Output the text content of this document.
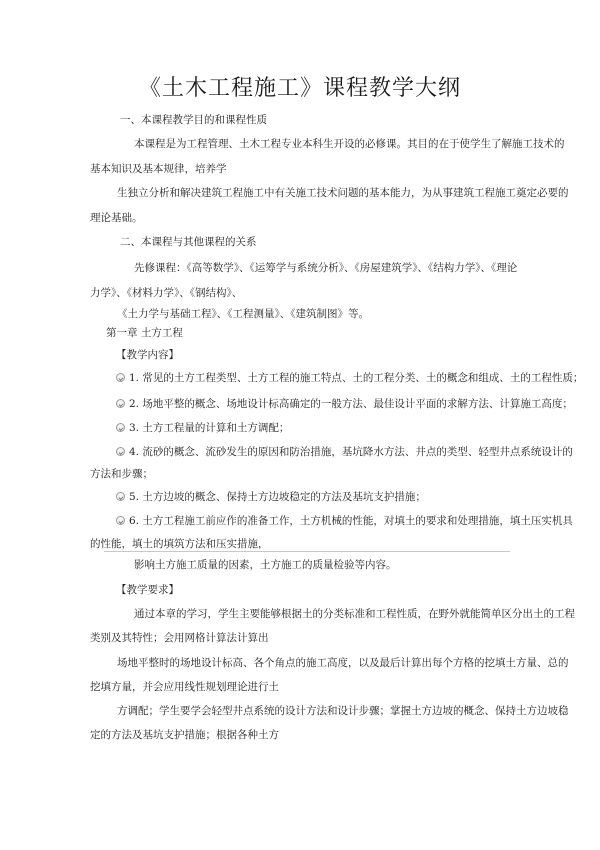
《土木工程施工》课程教学大纲
一、本课程教学目的和课程性质
本课程是为工程管理、土木工程专业本科生开设的必修课。其目的在于使学生了解施工技术的
基本知识及基本规律，培养学
生独立分析和解决建筑工程施工中有关施工技术问题的基本能力，为从事建筑工程施工奠定必要的
理论基础。
二、本课程与其他课程的关系
先修课程：《高等数学》、《运筹学与系统分析》、《房屋建筑学》、《结构力学》、《理论
力学》、《材料力学》、《钢结构》、
《土力学与基础工程》、《工程测量》、《建筑制图》等。
第一章 土方工程
【教学内容】
1. 常见的土方工程类型、土方工程的施工特点、土的工程分类、土的概念和组成、土的工程性质；
2. 场地平整的概念、场地设计标高确定的一般方法、最佳设计平面的求解方法、计算施工高度；
3. 土方工程量的计算和土方调配；
4. 流砂的概念、流砂发生的原因和防治措施，基坑降水方法、井点的类型、轻型井点系统设计的
方法和步骤；
5. 土方边坡的概念、保持土方边坡稳定的方法及基坑支护措施；
6. 土方工程施工前应作的准备工作，土方机械的性能，对填土的要求和处理措施，填土压实机具
的性能，填土的填筑方法和压实措施，
影响土方施工质量的因素，土方施工的质量检验等内容。
【教学要求】
通过本章的学习，学生主要能够根据土的分类标准和工程性质，在野外就能简单区分出土的工程
类别及其特性；会用网格计算法计算出
场地平整时的场地设计标高、各个角点的施工高度，以及最后计算出每个方格的挖填土方量、总的
挖填方量，并会应用线性规划理论进行土
方调配；学生要学会轻型井点系统的设计方法和设计步骤；掌握土方边坡的概念、保持土方边坡稳
定的方法及基坑支护措施；根据各种土方
